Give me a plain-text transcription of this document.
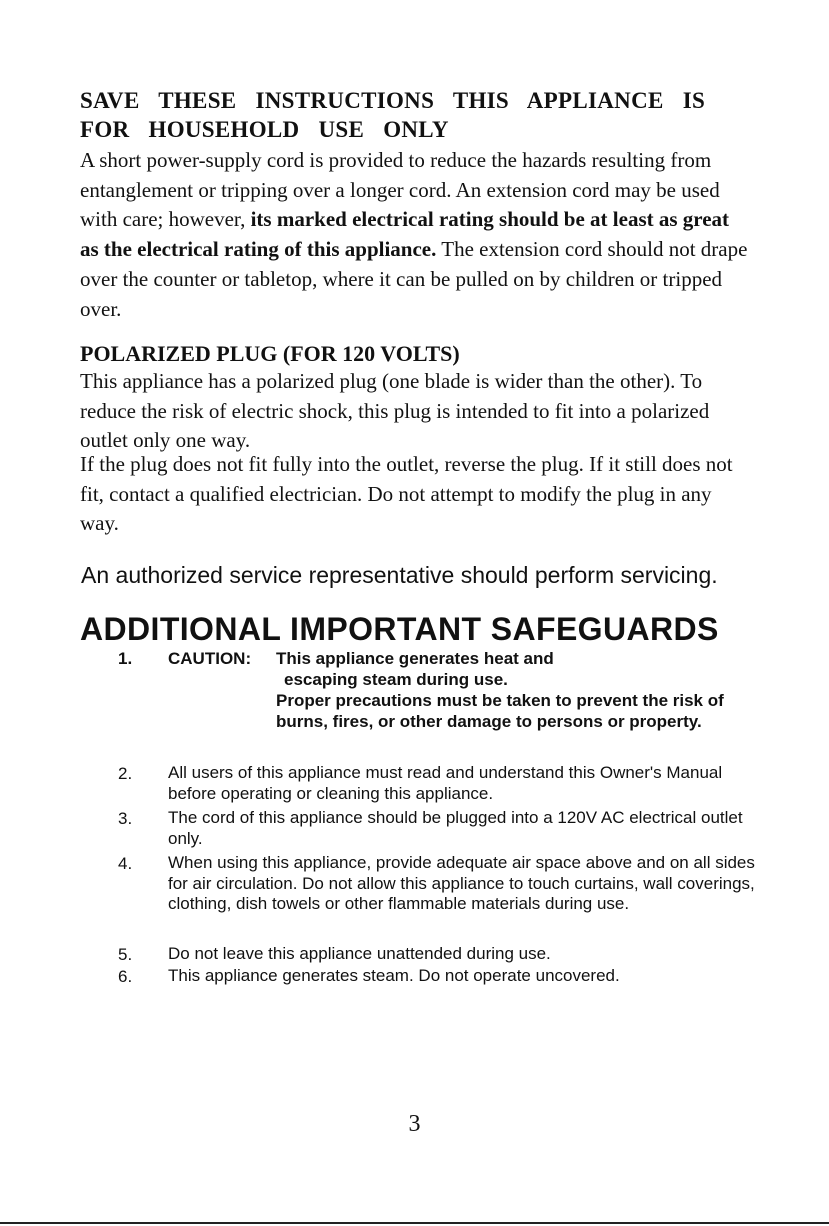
SAVE THESE INSTRUCTIONS THIS APPLIANCE IS FOR HOUSEHOLD USE ONLY
A short power-supply cord is provided to reduce the hazards resulting from entanglement or tripping over a longer cord. An extension cord may be used with care; however, its marked electrical rating should be at least as great as the electrical rating of this appliance. The extension cord should not drape over the counter or tabletop, where it can be pulled on by children or tripped over.
POLARIZED PLUG (FOR 120 VOLTS)
This appliance has a polarized plug (one blade is wider than the other). To reduce the risk of electric shock, this plug is intended to fit into a polarized outlet only one way.
If the plug does not fit fully into the outlet, reverse the plug. If it still does not fit, contact a qualified electrician. Do not attempt to modify the plug in any way.
An authorized service representative should perform servicing.
ADDITIONAL IMPORTANT SAFEGUARDS
1. CAUTION: This appliance generates heat and
escaping steam during use.
Proper precautions must be taken to prevent the risk of burns, fires, or other damage to persons or property.
2. All users of this appliance must read and understand this Owner's Manual before operating or cleaning this appliance.
3. The cord of this appliance should be plugged into a 120V AC electrical outlet only.
4. When using this appliance, provide adequate air space above and on all sides for air circulation. Do not allow this appliance to touch curtains, wall coverings, clothing, dish towels or other flammable materials during use.
5. Do not leave this appliance unattended during use.
6. This appliance generates steam. Do not operate uncovered.
3
